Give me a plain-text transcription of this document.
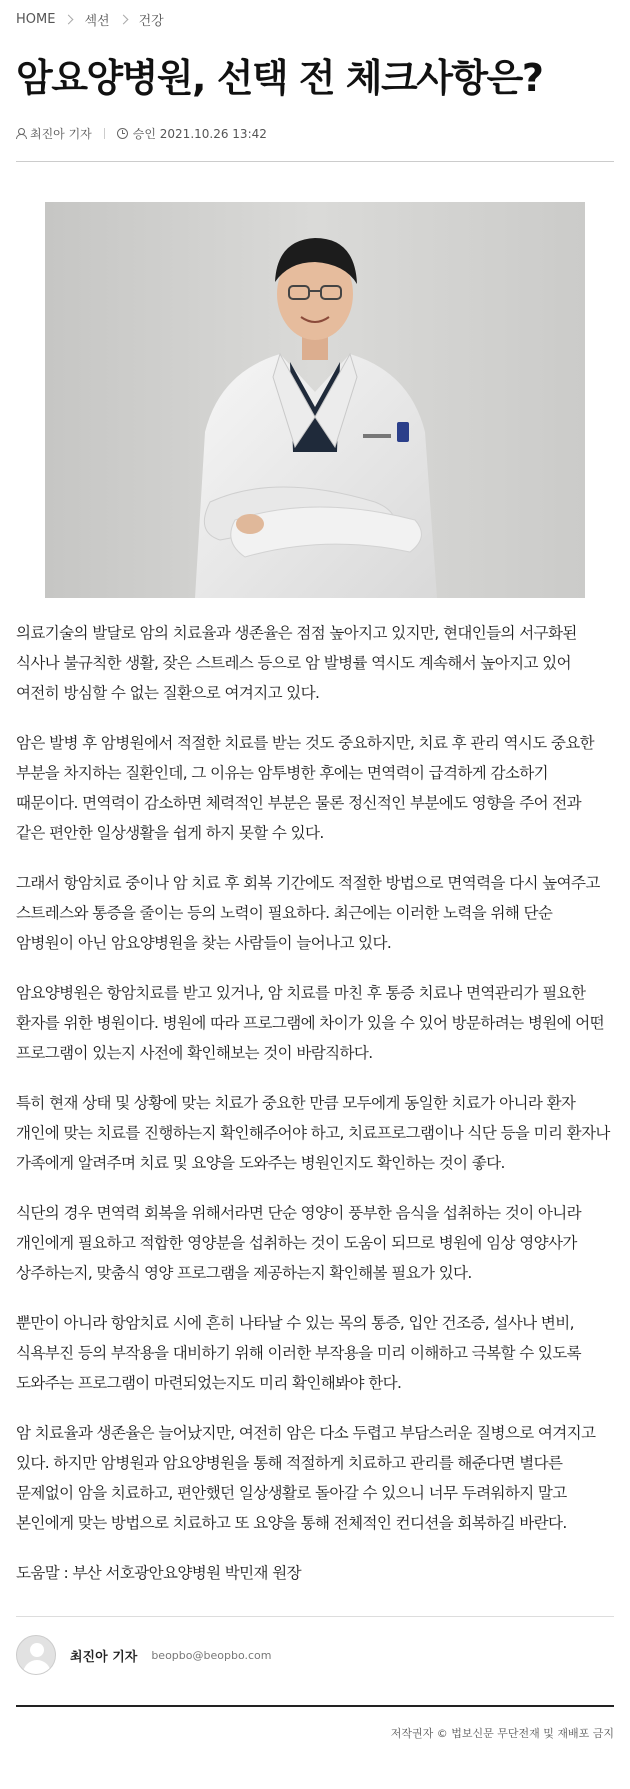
HOME 섹션 건강
암요양병원, 선택 전 체크사항은?
최진아 기자	승인 2021.10.26 13:42

의료기술의 발달로 암의 치료율과 생존율은 점점 높아지고 있지만, 현대인들의 서구화된 식사나 불규칙한 생활, 잦은 스트레스 등으로 암 발병률 역시도 계속해서 높아지고 있어 여전히 방심할 수 없는 질환으로 여겨지고 있다.

암은 발병 후 암병원에서 적절한 치료를 받는 것도 중요하지만, 치료 후 관리 역시도 중요한 부분을 차지하는 질환인데, 그 이유는 암투병한 후에는 면역력이 급격하게 감소하기 때문이다. 면역력이 감소하면 체력적인 부분은 물론 정신적인 부분에도 영향을 주어 전과 같은 편안한 일상생활을 쉽게 하지 못할 수 있다.

그래서 항암치료 중이나 암 치료 후 회복 기간에도 적절한 방법으로 면역력을 다시 높여주고 스트레스와 통증을 줄이는 등의 노력이 필요하다. 최근에는 이러한 노력을 위해 단순 암병원이 아닌 암요양병원을 찾는 사람들이 늘어나고 있다.

암요양병원은 항암치료를 받고 있거나, 암 치료를 마친 후 통증 치료나 면역관리가 필요한 환자를 위한 병원이다. 병원에 따라 프로그램에 차이가 있을 수 있어 방문하려는 병원에 어떤 프로그램이 있는지 사전에 확인해보는 것이 바람직하다.

특히 현재 상태 및 상황에 맞는 치료가 중요한 만큼 모두에게 동일한 치료가 아니라 환자 개인에 맞는 치료를 진행하는지 확인해주어야 하고, 치료프로그램이나 식단 등을 미리 환자나 가족에게 알려주며 치료 및 요양을 도와주는 병원인지도 확인하는 것이 좋다.

식단의 경우 면역력 회복을 위해서라면 단순 영양이 풍부한 음식을 섭취하는 것이 아니라 개인에게 필요하고 적합한 영양분을 섭취하는 것이 도움이 되므로 병원에 임상 영양사가 상주하는지, 맞춤식 영양 프로그램을 제공하는지 확인해볼 필요가 있다.

뿐만이 아니라 항암치료 시에 흔히 나타날 수 있는 목의 통증, 입안 건조증, 설사나 변비, 식욕부진 등의 부작용을 대비하기 위해 이러한 부작용을 미리 이해하고 극복할 수 있도록 도와주는 프로그램이 마련되었는지도 미리 확인해봐야 한다.

암 치료율과 생존율은 늘어났지만, 여전히 암은 다소 두렵고 부담스러운 질병으로 여겨지고 있다. 하지만 암병원과 암요양병원을 통해 적절하게 치료하고 관리를 해준다면 별다른 문제없이 암을 치료하고, 편안했던 일상생활로 돌아갈 수 있으니 너무 두려워하지 말고 본인에게 맞는 방법으로 치료하고 또 요양을 통해 전체적인 컨디션을 회복하길 바란다.

도움말 : 부산 서호광안요양병원 박민재 원장

최진아 기자 beopbo@beopbo.com
저작권자 © 법보신문 무단전재 및 재배포 금지
